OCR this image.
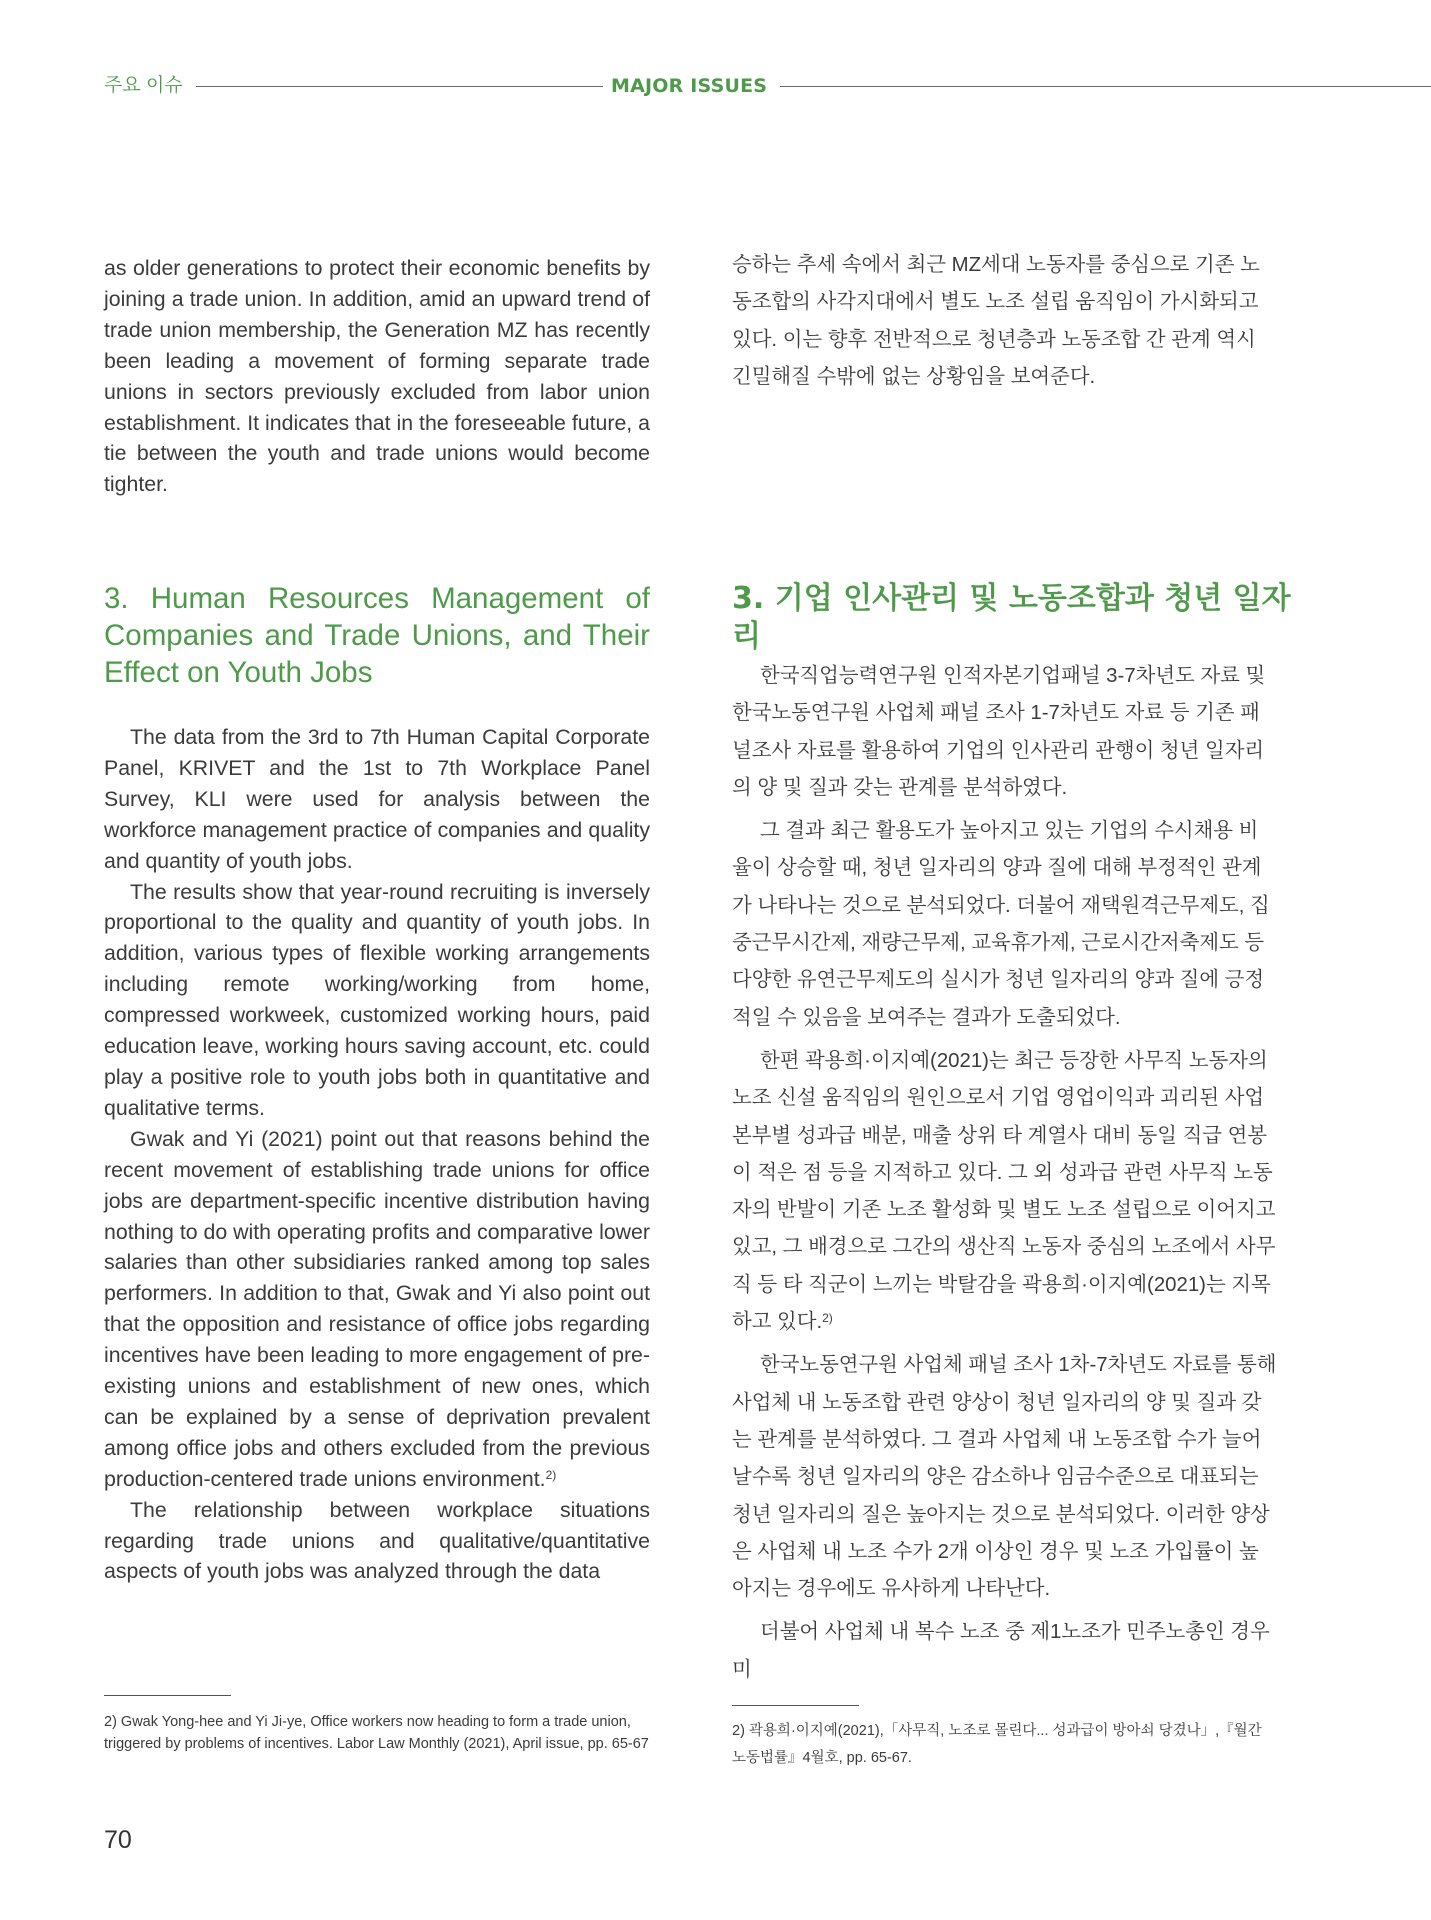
주요 이슈	MAJOR ISSUES

as older generations to protect their economic benefits by joining a trade union. In addition, amid an upward trend of trade union membership, the Generation MZ has recently been leading a movement of forming separate trade unions in sectors previously excluded from labor union establishment. It indicates that in the foreseeable future, a tie between the youth and trade unions would become tighter.

3. Human Resources Management of Companies and Trade Unions, and Their Effect on Youth Jobs

The data from the 3rd to 7th Human Capital Corporate Panel, KRIVET and the 1st to 7th Workplace Panel Survey, KLI were used for analysis between the workforce management practice of companies and quality and quantity of youth jobs.

The results show that year-round recruiting is inversely proportional to the quality and quantity of youth jobs. In addition, various types of flexible working arrangements including remote working/working from home, compressed workweek, customized working hours, paid education leave, working hours saving account, etc. could play a positive role to youth jobs both in quantitative and qualitative terms.

Gwak and Yi (2021) point out that reasons behind the recent movement of establishing trade unions for office jobs are department-specific incentive distribution having nothing to do with operating profits and comparative lower salaries than other subsidiaries ranked among top sales performers. In addition to that, Gwak and Yi also point out that the opposition and resistance of office jobs regarding incentives have been leading to more engagement of pre-existing unions and establishment of new ones, which can be explained by a sense of deprivation prevalent among office jobs and others excluded from the previous production-centered trade unions environment.$^{2)}$

The relationship between workplace situations regarding trade unions and qualitative/quantitative aspects of youth jobs was analyzed through the data

2) Gwak Yong-hee and Yi Ji-ye, Office workers now heading to form a trade union, triggered by problems of incentives. Labor Law Monthly (2021), April issue, pp. 65-67

승하는 추세 속에서 최근 MZ세대 노동자를 중심으로 기존 노동조합의 사각지대에서 별도 노조 설립 움직임이 가시화되고 있다. 이는 향후 전반적으로 청년층과 노동조합 간 관계 역시 긴밀해질 수밖에 없는 상황임을 보여준다.

3. 기업 인사관리 및 노동조합과 청년 일자리

한국직업능력연구원 인적자본기업패널 3-7차년도 자료 및 한국노동연구원 사업체 패널 조사 1-7차년도 자료 등 기존 패널조사 자료를 활용하여 기업의 인사관리 관행이 청년 일자리의 양 및 질과 갖는 관계를 분석하였다.

그 결과 최근 활용도가 높아지고 있는 기업의 수시채용 비율이 상승할 때, 청년 일자리의 양과 질에 대해 부정적인 관계가 나타나는 것으로 분석되었다. 더불어 재택원격근무제도, 집중근무시간제, 재량근무제, 교육휴가제, 근로시간저축제도 등 다양한 유연근무제도의 실시가 청년 일자리의 양과 질에 긍정적일 수 있음을 보여주는 결과가 도출되었다.

한편 곽용희·이지예(2021)는 최근 등장한 사무직 노동자의 노조 신설 움직임의 원인으로서 기업 영업이익과 괴리된 사업본부별 성과급 배분, 매출 상위 타 계열사 대비 동일 직급 연봉이 적은 점 등을 지적하고 있다. 그 외 성과급 관련 사무직 노동자의 반발이 기존 노조 활성화 및 별도 노조 설립으로 이어지고 있고, 그 배경으로 그간의 생산직 노동자 중심의 노조에서 사무직 등 타 직군이 느끼는 박탈감을 곽용희·이지예(2021)는 지목하고 있다.$^{2)}$

한국노동연구원 사업체 패널 조사 1차-7차년도 자료를 통해 사업체 내 노동조합 관련 양상이 청년 일자리의 양 및 질과 갖는 관계를 분석하였다. 그 결과 사업체 내 노동조합 수가 늘어날수록 청년 일자리의 양은 감소하나 임금수준으로 대표되는 청년 일자리의 질은 높아지는 것으로 분석되었다. 이러한 양상은 사업체 내 노조 수가 2개 이상인 경우 및 노조 가입률이 높아지는 경우에도 유사하게 나타난다.

더불어 사업체 내 복수 노조 중 제1노조가 민주노총인 경우 미

2) 곽용희·이지예(2021),「사무직, 노조로 몰린다... 성과급이 방아쇠 당겼나」,『월간 노동법률』4월호, pp. 65-67.
70
